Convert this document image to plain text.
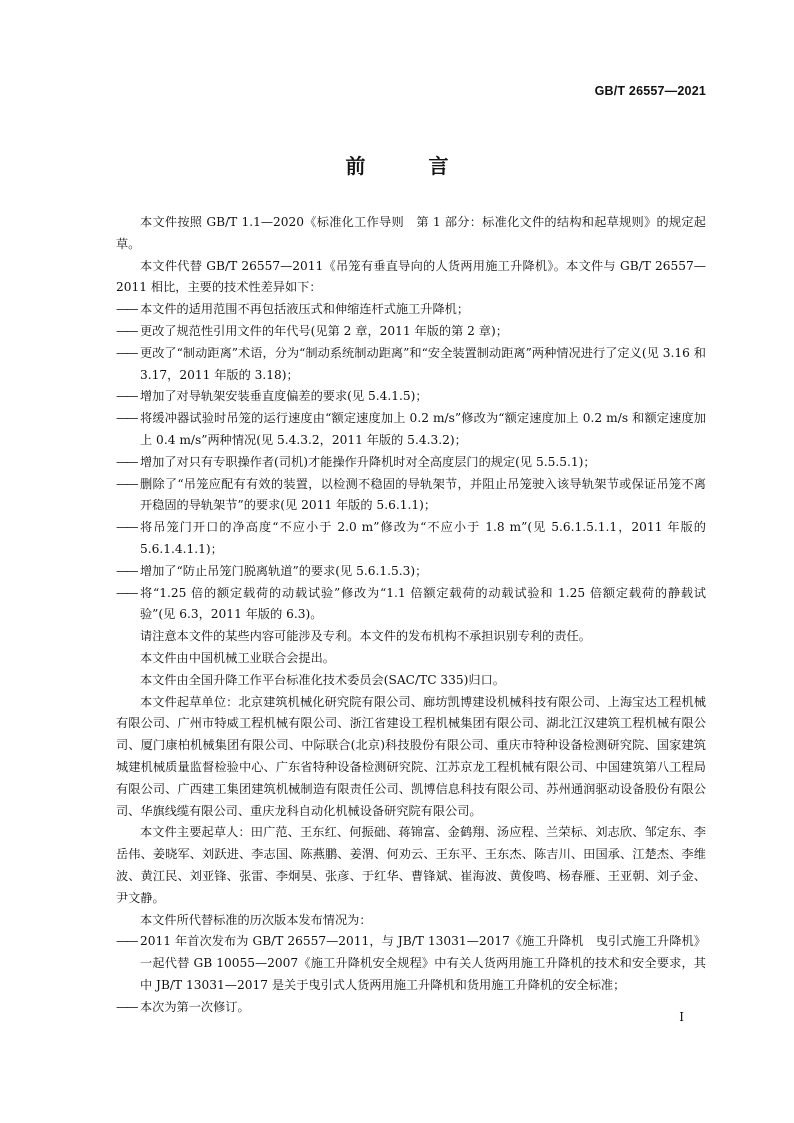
GB/T 26557—2021
前 言
本文件按照 GB/T 1.1—2020《标准化工作导则　第 1 部分：标准化文件的结构和起草规则》的规定起草。
本文件代替 GB/T 26557—2011《吊笼有垂直导向的人货两用施工升降机》。本文件与 GB/T 26557—2011 相比，主要的技术性差异如下：
—— 本文件的适用范围不再包括液压式和伸缩连杆式施工升降机；
—— 更改了规范性引用文件的年代号(见第 2 章，2011 年版的第 2 章)；
—— 更改了“制动距离”术语，分为“制动系统制动距离”和“安全装置制动距离”两种情况进行了定义(见 3.16 和 3.17，2011 年版的 3.18)；
—— 增加了对导轨架安装垂直度偏差的要求(见 5.4.1.5)；
—— 将缓冲器试验时吊笼的运行速度由“额定速度加上 0.2 m/s”修改为“额定速度加上 0.2 m/s 和额定速度加上 0.4 m/s”两种情况(见 5.4.3.2，2011 年版的 5.4.3.2)；
—— 增加了对只有专职操作者(司机)才能操作升降机时对全高度层门的规定(见 5.5.5.1)；
—— 删除了“吊笼应配有有效的装置，以检测不稳固的导轨架节，并阻止吊笼驶入该导轨架节或保证吊笼不离开稳固的导轨架节”的要求(见 2011 年版的 5.6.1.1)；
—— 将吊笼门开口的净高度“不应小于 2.0 m”修改为“不应小于 1.8 m”(见 5.6.1.5.1.1，2011 年版的 5.6.1.4.1.1)；
—— 增加了“防止吊笼门脱离轨道”的要求(见 5.6.1.5.3)；
—— 将“1.25 倍的额定载荷的动载试验”修改为“1.1 倍额定载荷的动载试验和 1.25 倍额定载荷的静载试验”(见 6.3，2011 年版的 6.3)。
请注意本文件的某些内容可能涉及专利。本文件的发布机构不承担识别专利的责任。
本文件由中国机械工业联合会提出。
本文件由全国升降工作平台标准化技术委员会(SAC/TC 335)归口。
本文件起草单位：北京建筑机械化研究院有限公司、廊坊凯博建设机械科技有限公司、上海宝达工程机械有限公司、广州市特威工程机械有限公司、浙江省建设工程机械集团有限公司、湖北江汉建筑工程机械有限公司、厦门康柏机械集团有限公司、中际联合(北京)科技股份有限公司、重庆市特种设备检测研究院、国家建筑城建机械质量监督检验中心、广东省特种设备检测研究院、江苏京龙工程机械有限公司、中国建筑第八工程局有限公司、广西建工集团建筑机械制造有限责任公司、凯博信息科技有限公司、苏州通润驱动设备股份有限公司、华旗线缆有限公司、重庆龙科自动化机械设备研究院有限公司。
本文件主要起草人：田广范、王东红、何振础、蒋锦富、金鹤翔、汤应程、兰荣标、刘志欣、邹定东、李岳伟、姜晓军、刘跃进、李志国、陈燕鹏、姜渭、何劝云、王东平、王东杰、陈吉川、田国承、江楚杰、李维波、黄江民、刘亚锋、张雷、李炯昊、张彦、于红华、曹锋斌、崔海波、黄俊鸣、杨春雁、王亚朝、刘子金、尹文静。
本文件所代替标准的历次版本发布情况为：
—— 2011 年首次发布为 GB/T 26557—2011，与 JB/T 13031—2017《施工升降机　曳引式施工升降机》一起代替 GB 10055—2007《施工升降机安全规程》中有关人货两用施工升降机的技术和安全要求，其中 JB/T 13031—2017 是关于曳引式人货两用施工升降机和货用施工升降机的安全标准；
—— 本次为第一次修订。
I
